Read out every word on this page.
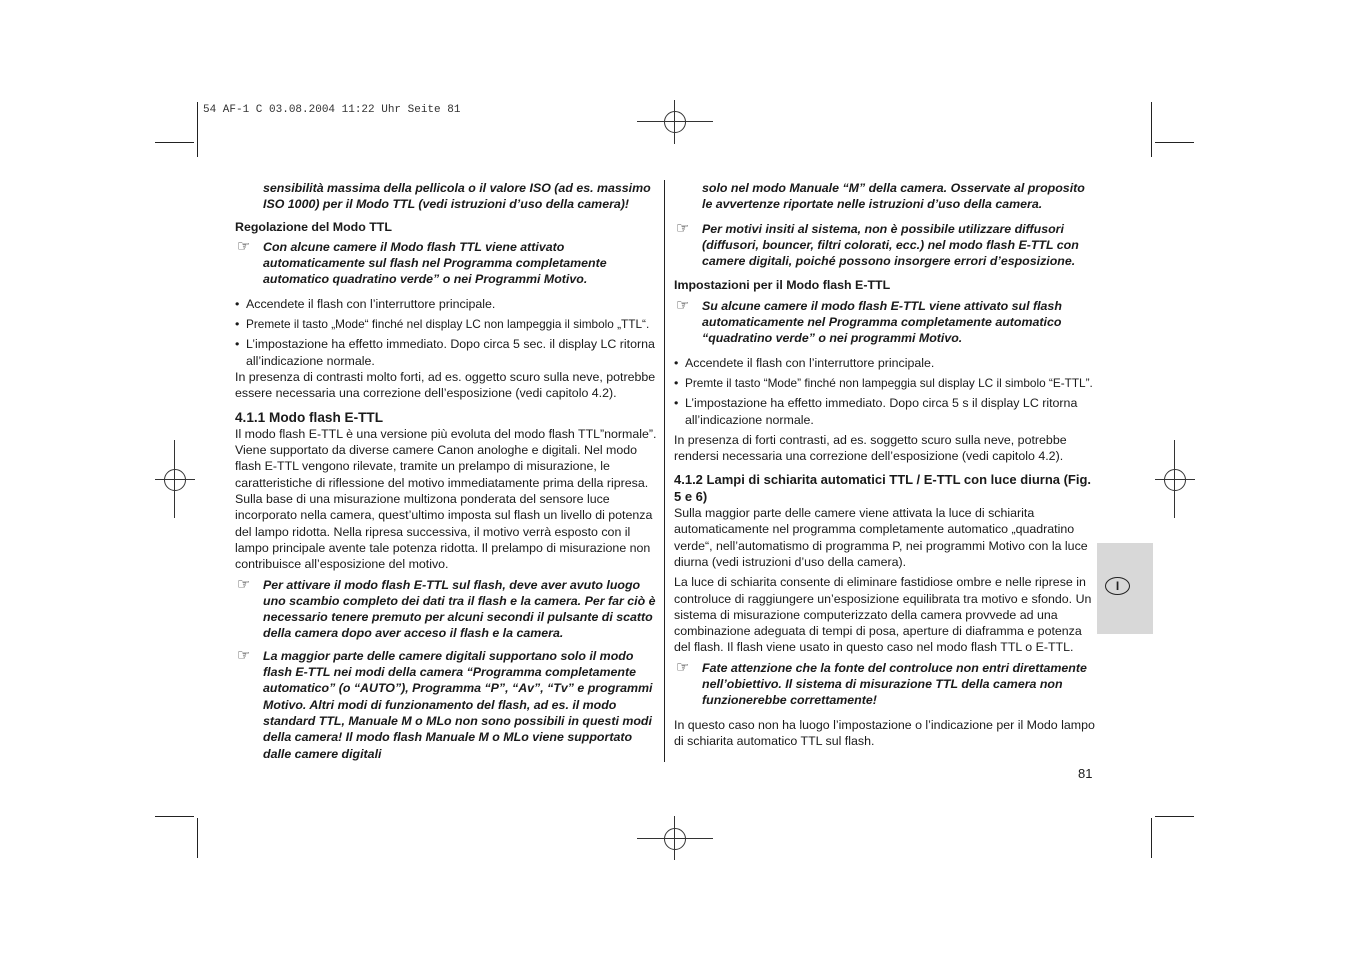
54 AF-1 C 03.08.2004 11:22 Uhr Seite 81

sensibilità massima della pellicola o il valore ISO (ad es. massimo ISO 1000) per il Modo TTL (vedi istruzioni d’uso della camera)!

Regolazione del Modo TTL

☞ Con alcune camere il Modo flash TTL viene attivato automaticamente sul flash nel Programma completamente automatico quadratino verde” o nei Programmi Motivo.

• Accendete il flash con l’interruttore principale.

• Premete il tasto „Mode“ finché nel display LC non lampeggia il simbolo „TTL“.

• L’impostazione ha effetto immediato. Dopo circa 5 sec. il display LC ritorna all’indicazione normale.

In presenza di contrasti molto forti, ad es. oggetto scuro sulla neve, potrebbe essere necessaria una correzione dell’esposizione (vedi capitolo 4.2).

4.1.1 Modo flash E-TTL

Il modo flash E-TTL è una versione più evoluta del modo flash TTL”normale”. Viene supportato da diverse camere Canon anologhe e digitali. Nel modo flash E-TTL vengono rilevate, tramite un prelampo di misurazione, le caratteristiche di riflessione del motivo immediatamente prima della ripresa. Sulla base di una misurazione multizona ponderata del sensore luce incorporato nella camera, quest’ultimo imposta sul flash un livello di potenza del lampo ridotta. Nella ripresa successiva, il motivo verrà esposto con il lampo principale avente tale potenza ridotta. Il prelampo di misurazione non contribuisce all’esposizione del motivo.

☞ Per attivare il modo flash E-TTL sul flash, deve aver avuto luogo uno scambio completo dei dati tra il flash e la camera. Per far ciò è necessario tenere premuto per alcuni secondi il pulsante di scatto della camera dopo aver acceso il flash e la camera.

☞ La maggior parte delle camere digitali supportano solo il modo flash E-TTL nei modi della camera “Programma completamente automatico” (o “AUTO”), Programma “P”, “Av”, “Tv” e programmi Motivo. Altri modi di funzionamento del flash, ad es. il modo standard TTL, Manuale M o MLo non sono possibili in questi modi della camera! Il modo flash Manuale M o MLo viene supportato dalle camere digitali

solo nel modo Manuale “M” della camera. Osservate al proposito le avvertenze riportate nelle istruzioni d’uso della camera.

☞ Per motivi insiti al sistema, non è possibile utilizzare diffusori (diffusori, bouncer, filtri colorati, ecc.) nel modo flash E-TTL con camere digitali, poiché possono insorgere errori d’esposizione.

Impostazioni per il Modo flash E-TTL

☞ Su alcune camere il modo flash E-TTL viene attivato sul flash automaticamente nel Programma completamente automatico “quadratino verde” o nei programmi Motivo.

• Accendete il flash con l’interruttore principale.

• Premte il tasto “Mode” finché non lampeggia sul display LC il simbolo “E-TTL”.

• L’impostazione ha effetto immediato. Dopo circa 5 s il display LC ritorna all’indicazione normale.

In presenza di forti contrasti, ad es. soggetto scuro sulla neve, potrebbe rendersi necessaria una correzione dell’esposizione (vedi capitolo 4.2).

4.1.2 Lampi di schiarita automatici TTL / E-TTL con luce diurna (Fig. 5 e 6)

Sulla maggior parte delle camere viene attivata la luce di schiarita automaticamente nel programma completamente automatico „quadratino verde“, nell’automatismo di programma P, nei programmi Motivo con la luce diurna (vedi istruzioni d’uso della camera).

La luce di schiarita consente di eliminare fastidiose ombre e nelle riprese in controluce di raggiungere un’esposizione equilibrata tra motivo e sfondo. Un sistema di misurazione computerizzato della camera provvede ad una combinazione adeguata di tempi di posa, aperture di diaframma e potenza del flash. Il flash viene usato in questo caso nel modo flash TTL o E-TTL.

☞ Fate attenzione che la fonte del controluce non entri direttamente nell’obiettivo. Il sistema di misurazione TTL della camera non funzionerebbe correttamente!

In questo caso non ha luogo l’impostazione o l’indicazione per il Modo lampo di schiarita automatico TTL sul flash.

I
81
